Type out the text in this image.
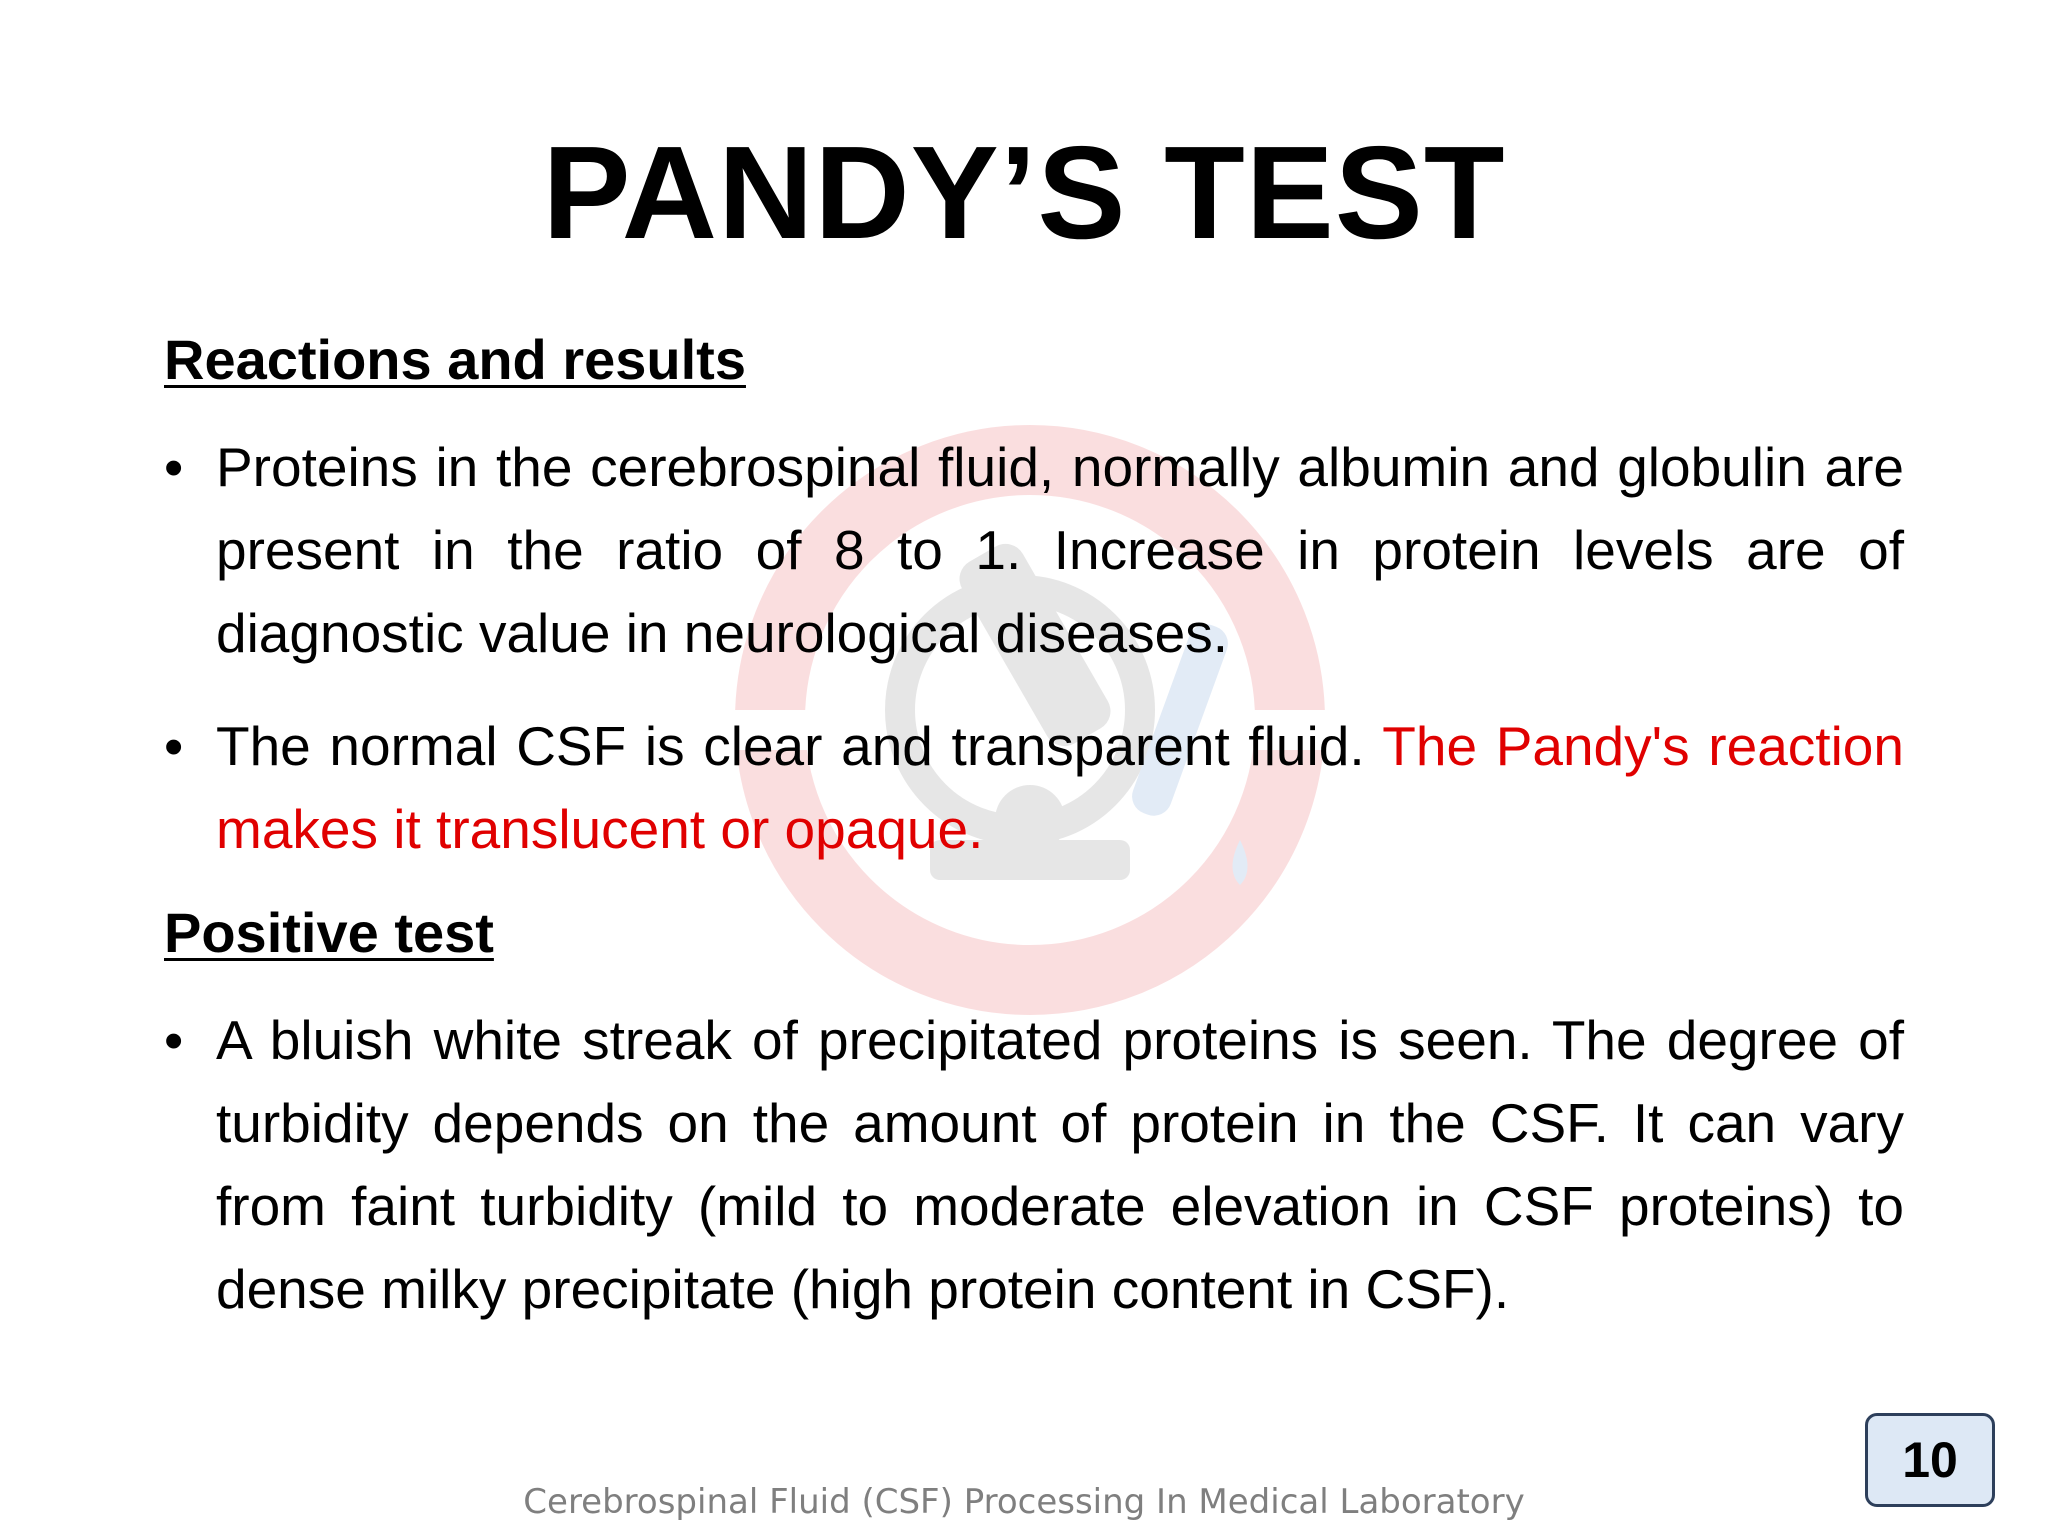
PANDY’S TEST

Reactions and results

• Proteins in the cerebrospinal fluid, normally albumin and globulin are present in the ratio of 8 to 1. Increase in protein levels are of diagnostic value in neurological diseases.
• The normal CSF is clear and transparent fluid. The Pandy's reaction makes it translucent or opaque.

Positive test

• A bluish white streak of precipitated proteins is seen. The degree of turbidity depends on the amount of protein in the CSF. It can vary from faint turbidity (mild to moderate elevation in CSF proteins) to dense milky precipitate (high protein content in CSF).
10
Cerebrospinal Fluid (CSF) Processing In Medical Laboratory
